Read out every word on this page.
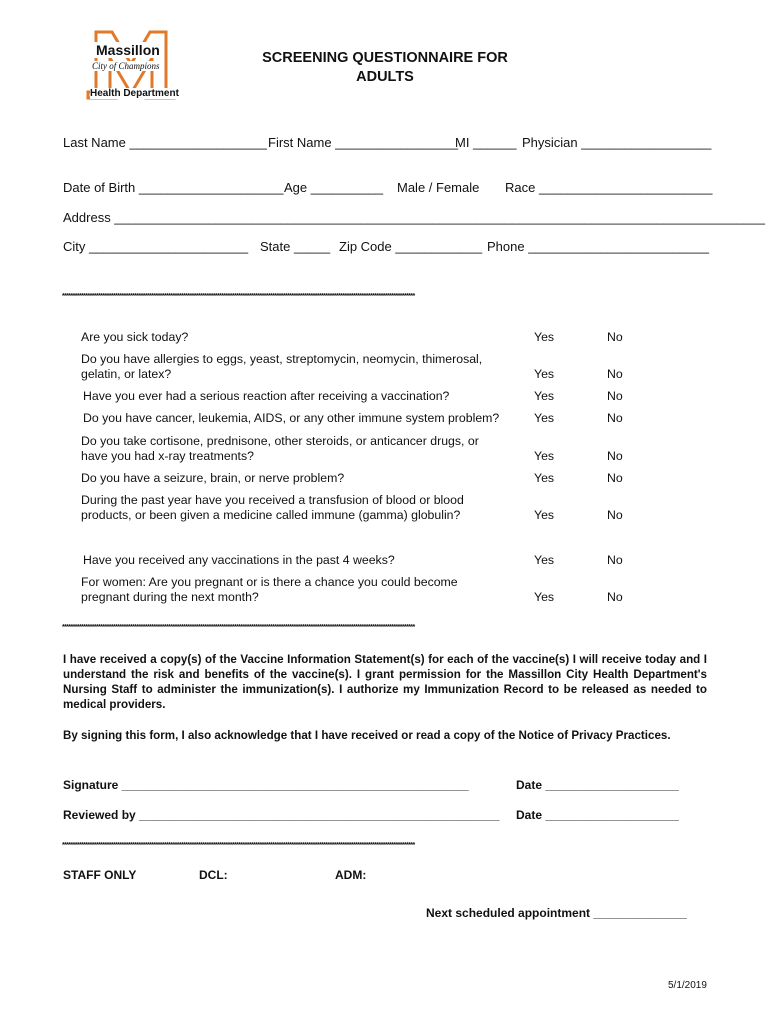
Massillon
City of Champions
Health Department
SCREENING QUESTIONNAIRE FOR
ADULTS
Last Name ___________________ First Name _________________
MI ______ Physician __________________
Date of Birth ____________________ Age __________ Male / Female Race ________________________
Address __________________________________________________________________________________________
City ______________________ State _____ Zip Code ____________ Phone _________________________
**********************************************************************************************************************************************************************
Are you sick today?	Yes	No
Do you have allergies to eggs, yeast, streptomycin, neomycin, thimerosal,
gelatin, or latex?	Yes	No
Have you ever had a serious reaction after receiving a vaccination?	Yes	No
Do you have cancer, leukemia, AIDS, or any other immune system problem?	Yes	No
Do you take cortisone, prednisone, other steroids, or anticancer drugs, or
have you had x-ray treatments?	Yes	No
Do you have a seizure, brain, or nerve problem?	Yes	No
During the past year have you received a transfusion of blood or blood
products, or been given a medicine called immune (gamma) globulin?	Yes	No
Have you received any vaccinations in the past 4 weeks?	Yes	No
For women: Are you pregnant or is there a chance you could become
pregnant during the next month?	Yes	No
**********************************************************************************************************************************************************************
I have received a copy(s) of the Vaccine Information Statement(s) for each of the vaccine(s) I will receive today and I understand the risk and benefits of the vaccine(s). I grant permission for the Massillon City Health Department's Nursing Staff to administer the immunization(s). I authorize my Immunization Record to be released as needed to medical providers.
By signing this form, I also acknowledge that I have received or read a copy of the Notice of Privacy Practices.
Signature ____________________________________________________	Date ____________________
Reviewed by ______________________________________________________ Date ____________________
**********************************************************************************************************************************************************************
STAFF ONLY	DCL:	ADM:
Next scheduled appointment ______________
5/1/2019
